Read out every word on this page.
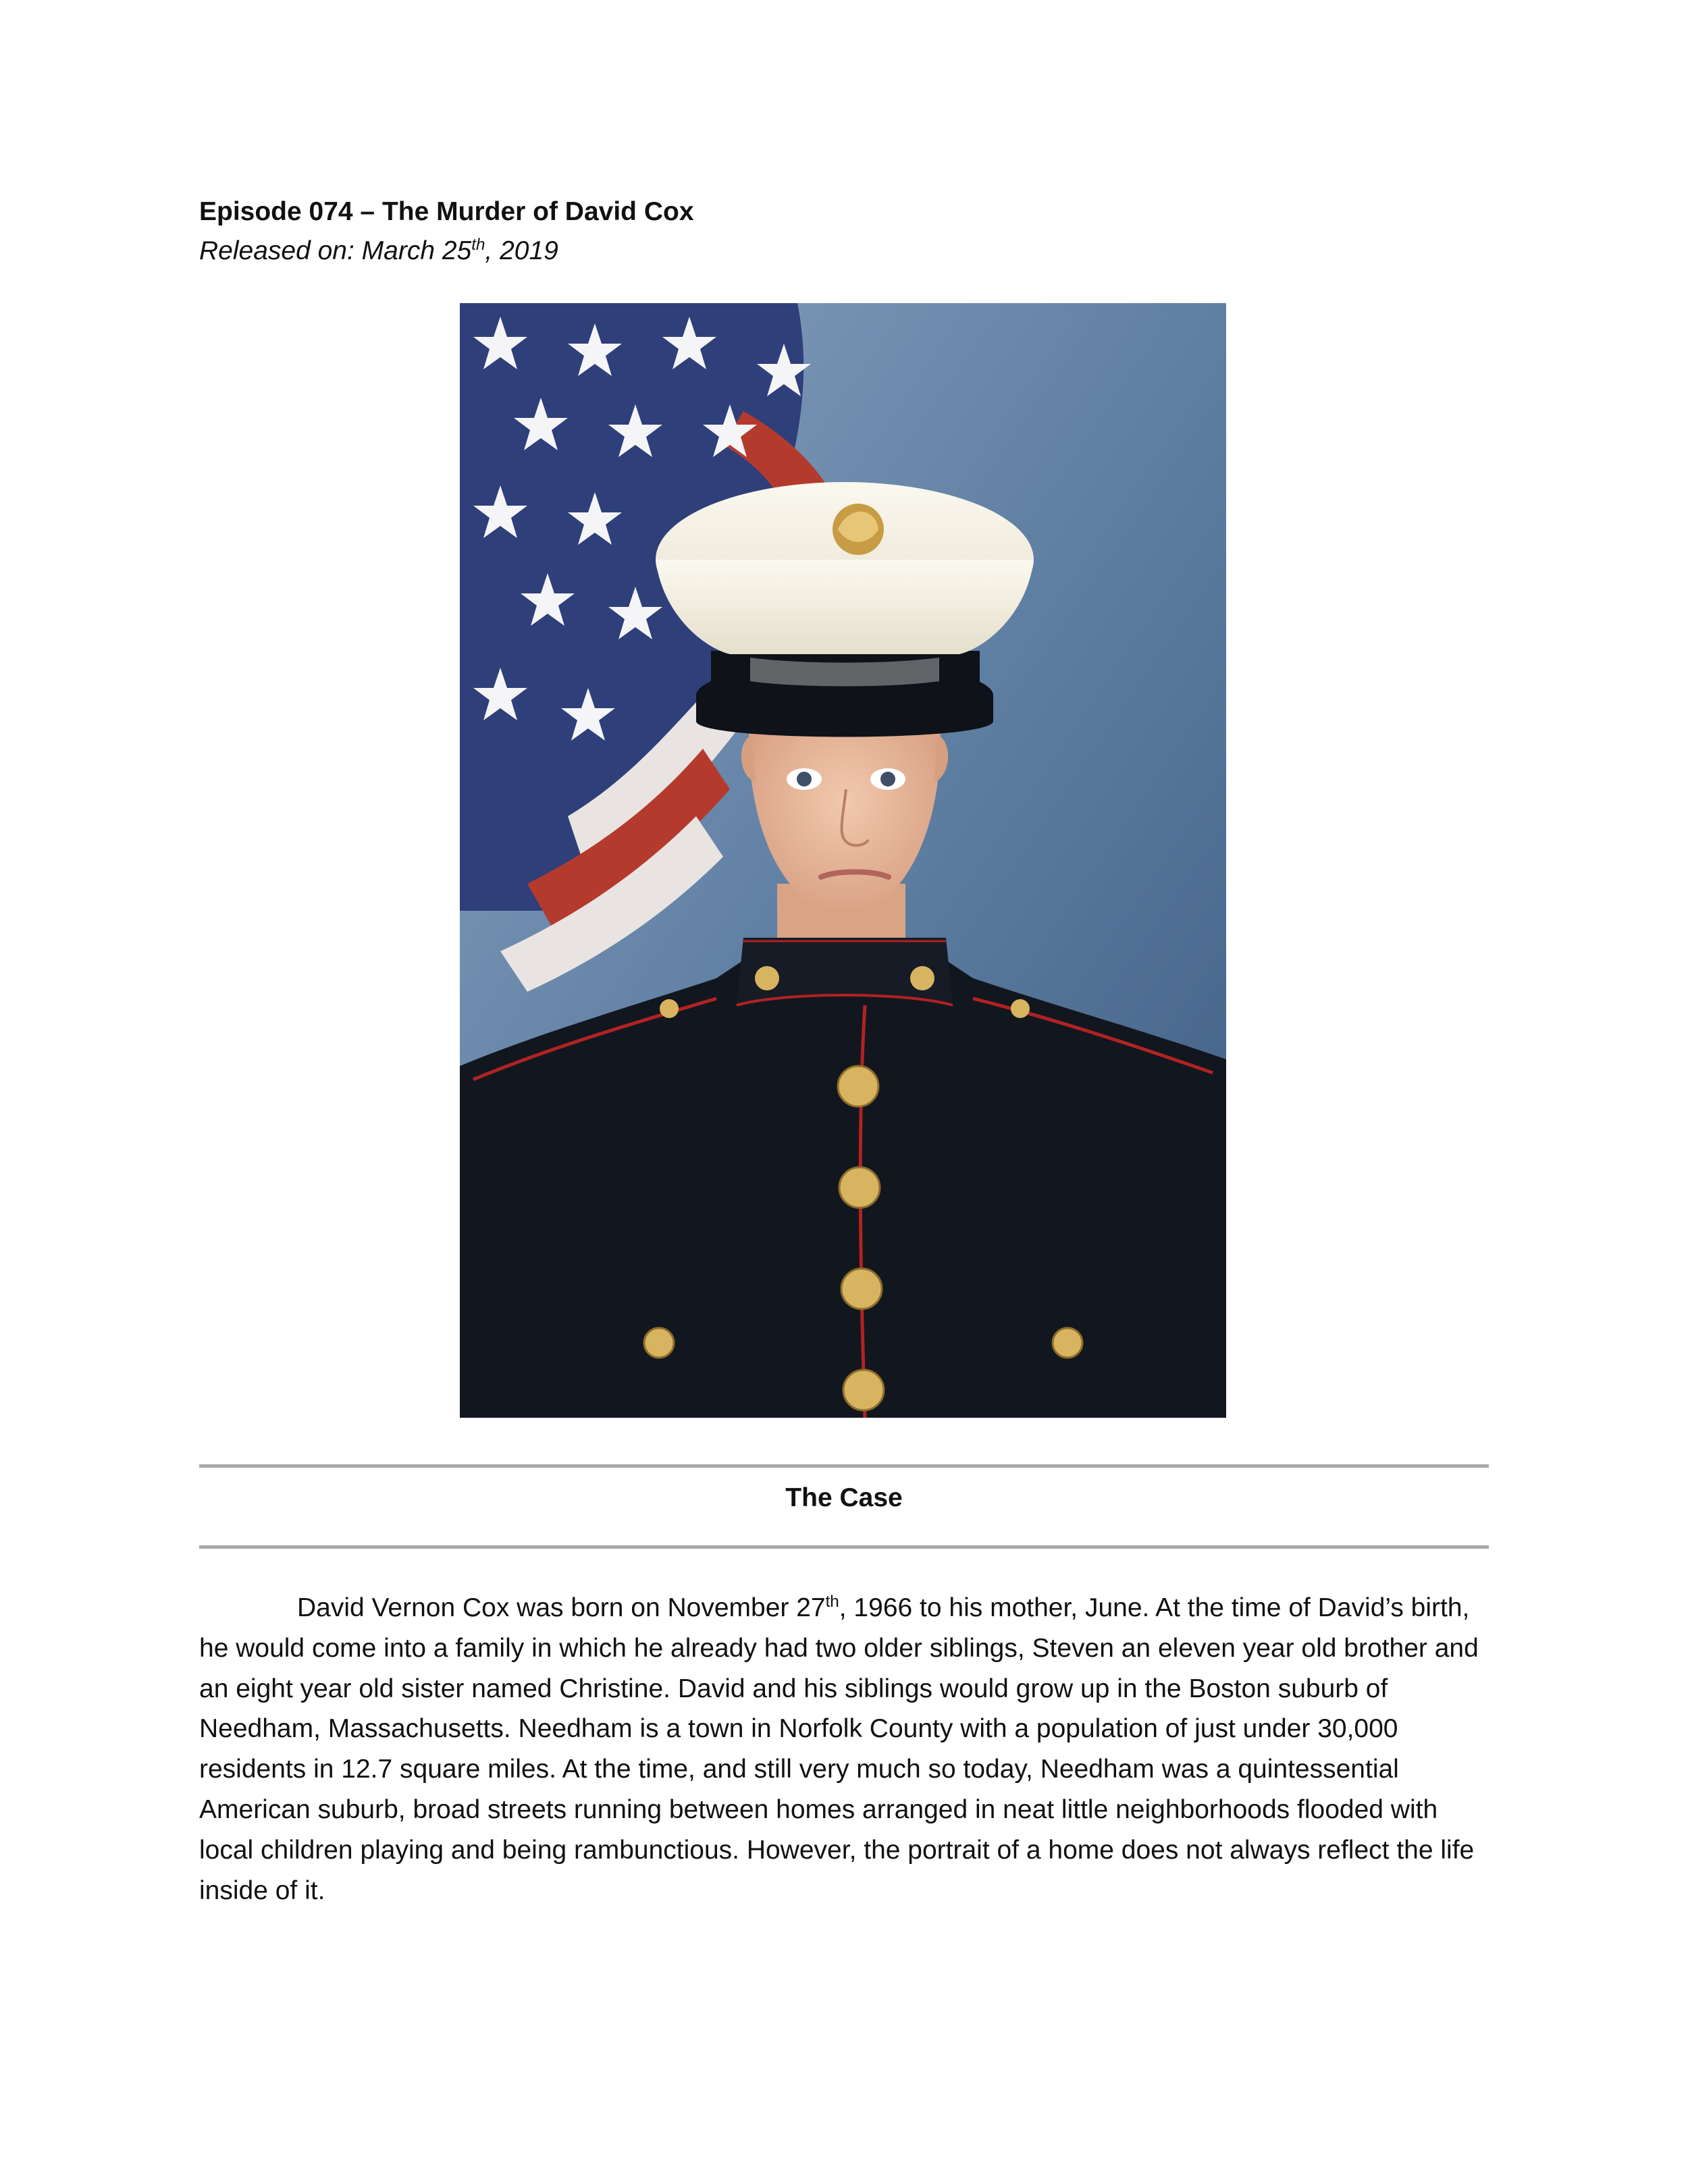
Episode 074 – The Murder of David Cox
Released on: March 25th, 2019
The Case

David Vernon Cox was born on November 27th, 1966 to his mother, June. At the time of David’s birth, he would come into a family in which he already had two older siblings, Steven an eleven year old brother and an eight year old sister named Christine. David and his siblings would grow up in the Boston suburb of Needham, Massachusetts. Needham is a town in Norfolk County with a population of just under 30,000 residents in 12.7 square miles. At the time, and still very much so today, Needham was a quintessential American suburb, broad streets running between homes arranged in neat little neighborhoods flooded with local children playing and being rambunctious. However, the portrait of a home does not always reflect the life inside of it.
